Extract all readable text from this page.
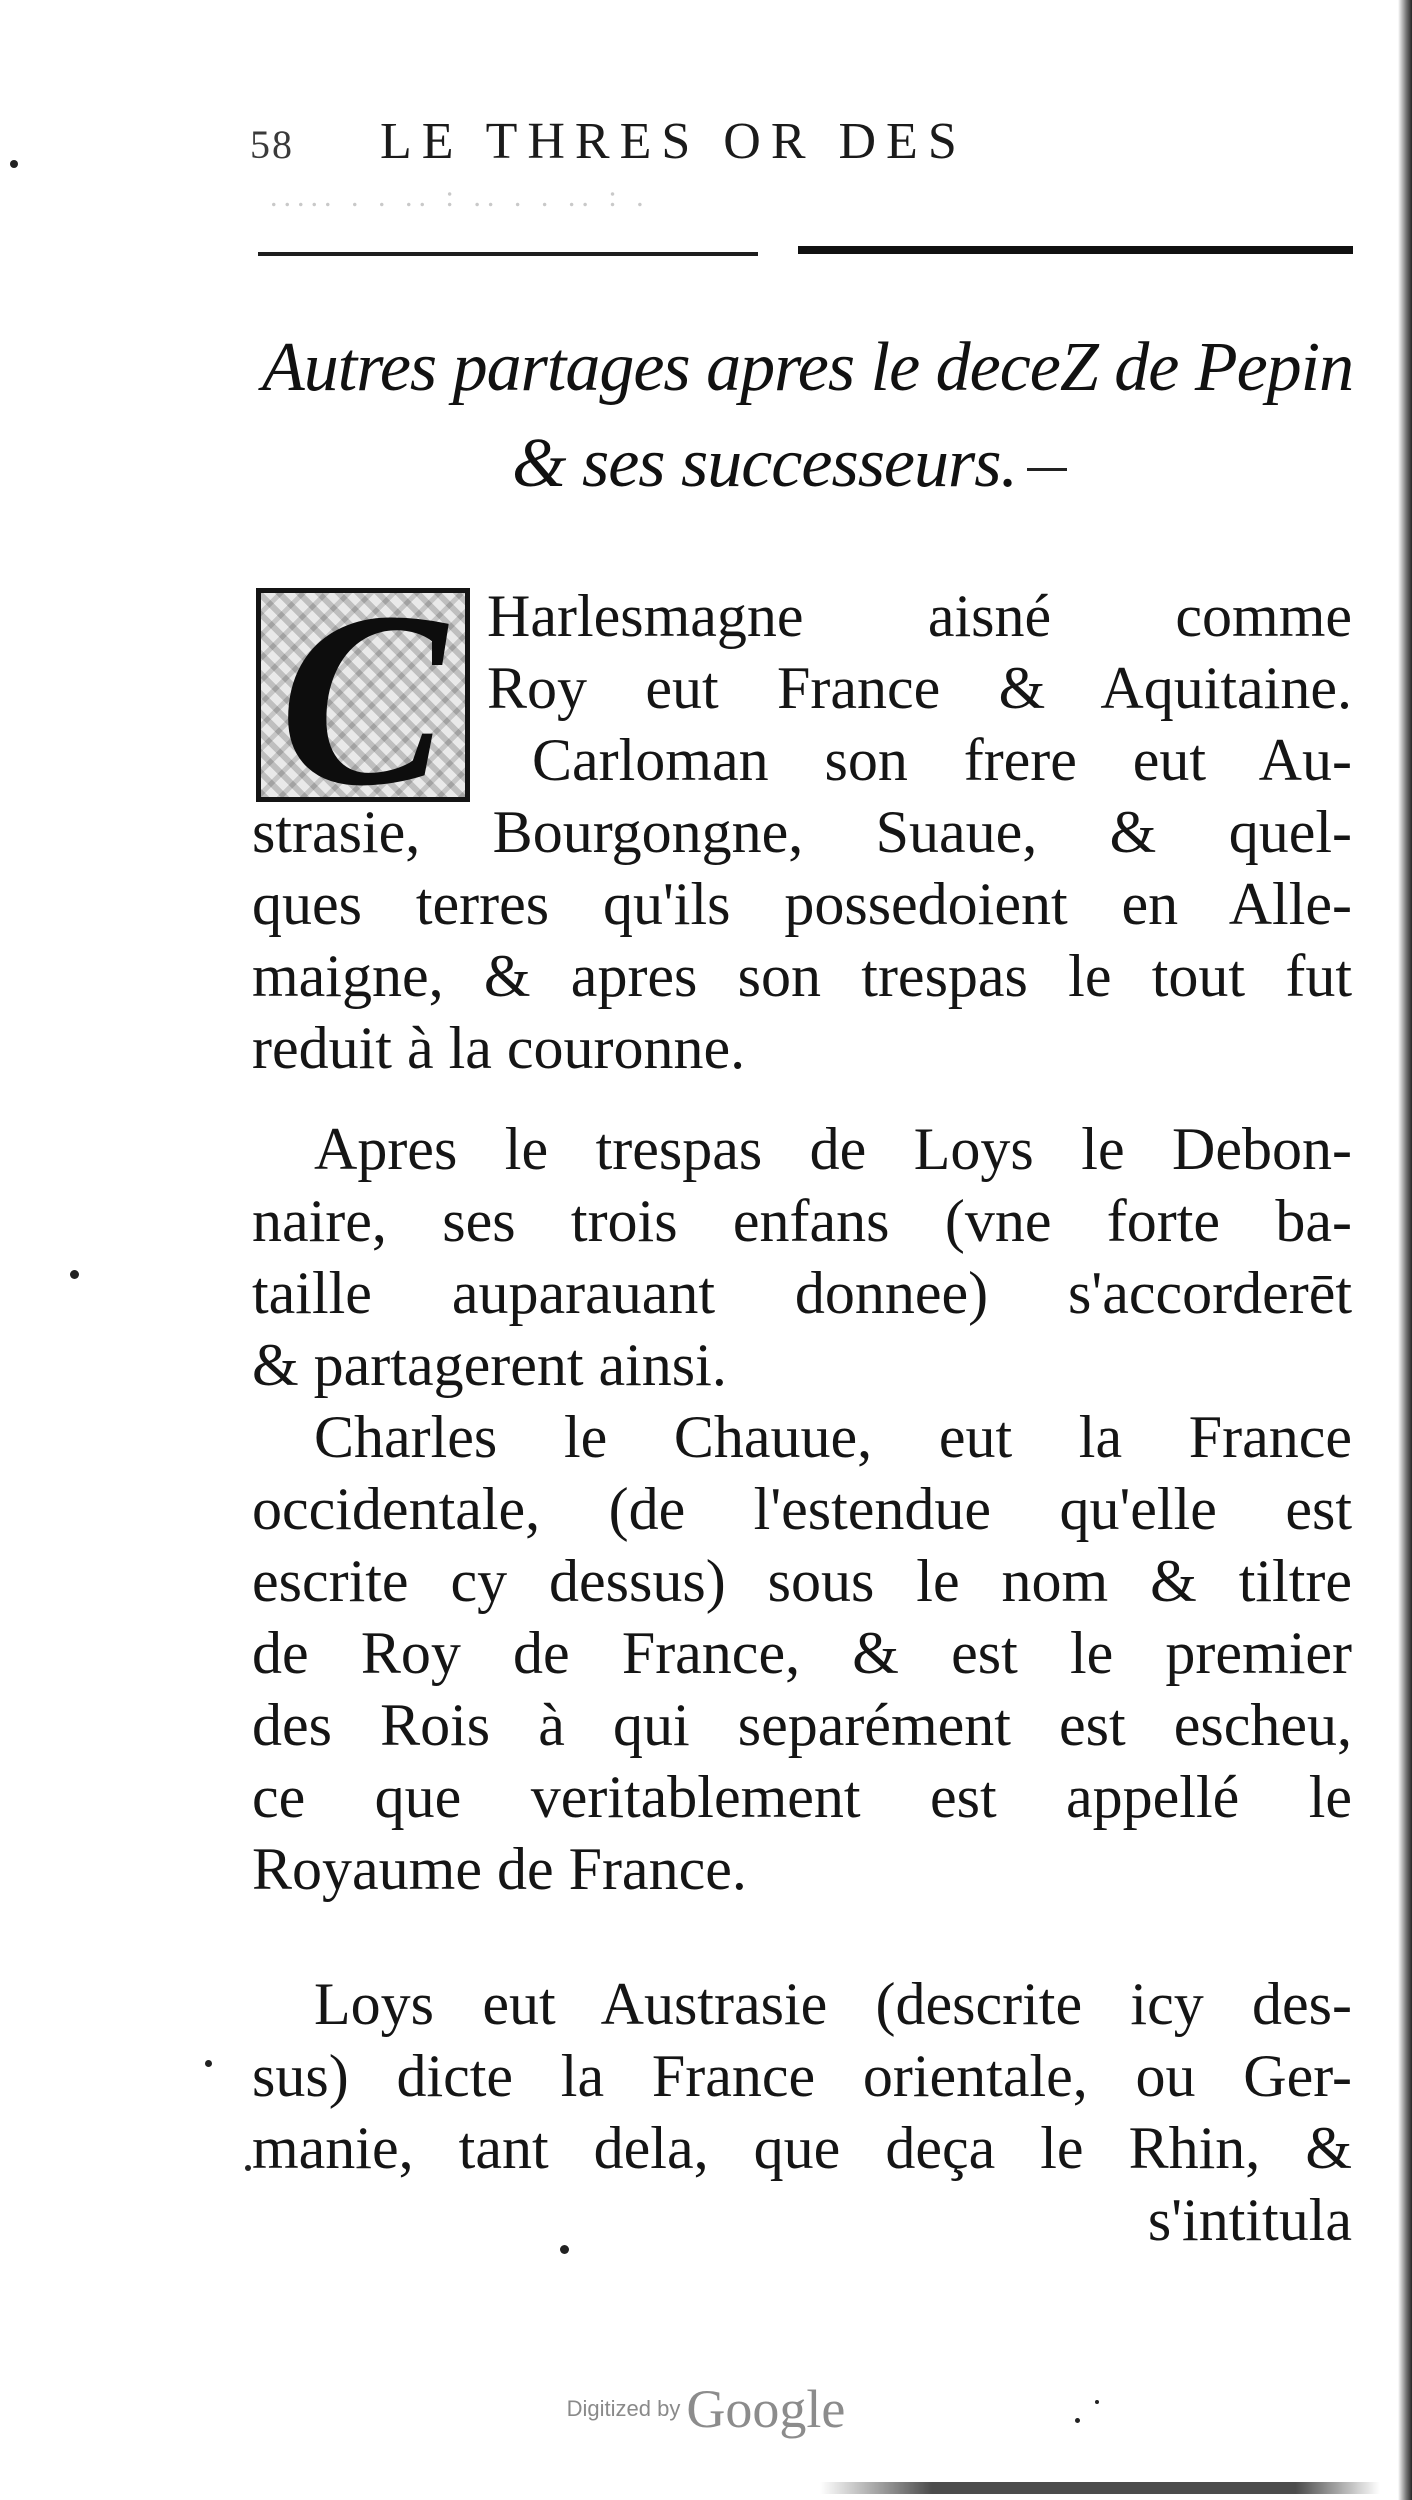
58 LE THRES OR DES
..... . . .. : .. . . .. : .
Autres partages apres le deceZ de Pepin
& ses successeurs.
C Harlesmagne aisné comme
Roy eut France & Aquitaine.
Carloman son frere eut Au-
strasie, Bourgongne, Suaue, & quel-
ques terres qu'ils possedoient en Alle-
maigne, & apres son trespas le tout fut
reduit à la couronne.
Apres le trespas de Loys le Debon-
naire, ses trois enfans (vne forte ba-
taille auparauant donnee) s'accorderēt
& partagerent ainsi.
Charles le Chauue, eut la France
occidentale, (de l'estendue qu'elle est
escrite cy dessus) sous le nom & tiltre
de Roy de France, & est le premier
des Rois à qui separément est escheu,
ce que veritablement est appellé le
Royaume de France.
Loys eut Austrasie (descrite icy des-
sus) dicte la France orientale, ou Ger-
manie, tant dela, que deça le Rhin, &
s'intitula
Digitized by Google
